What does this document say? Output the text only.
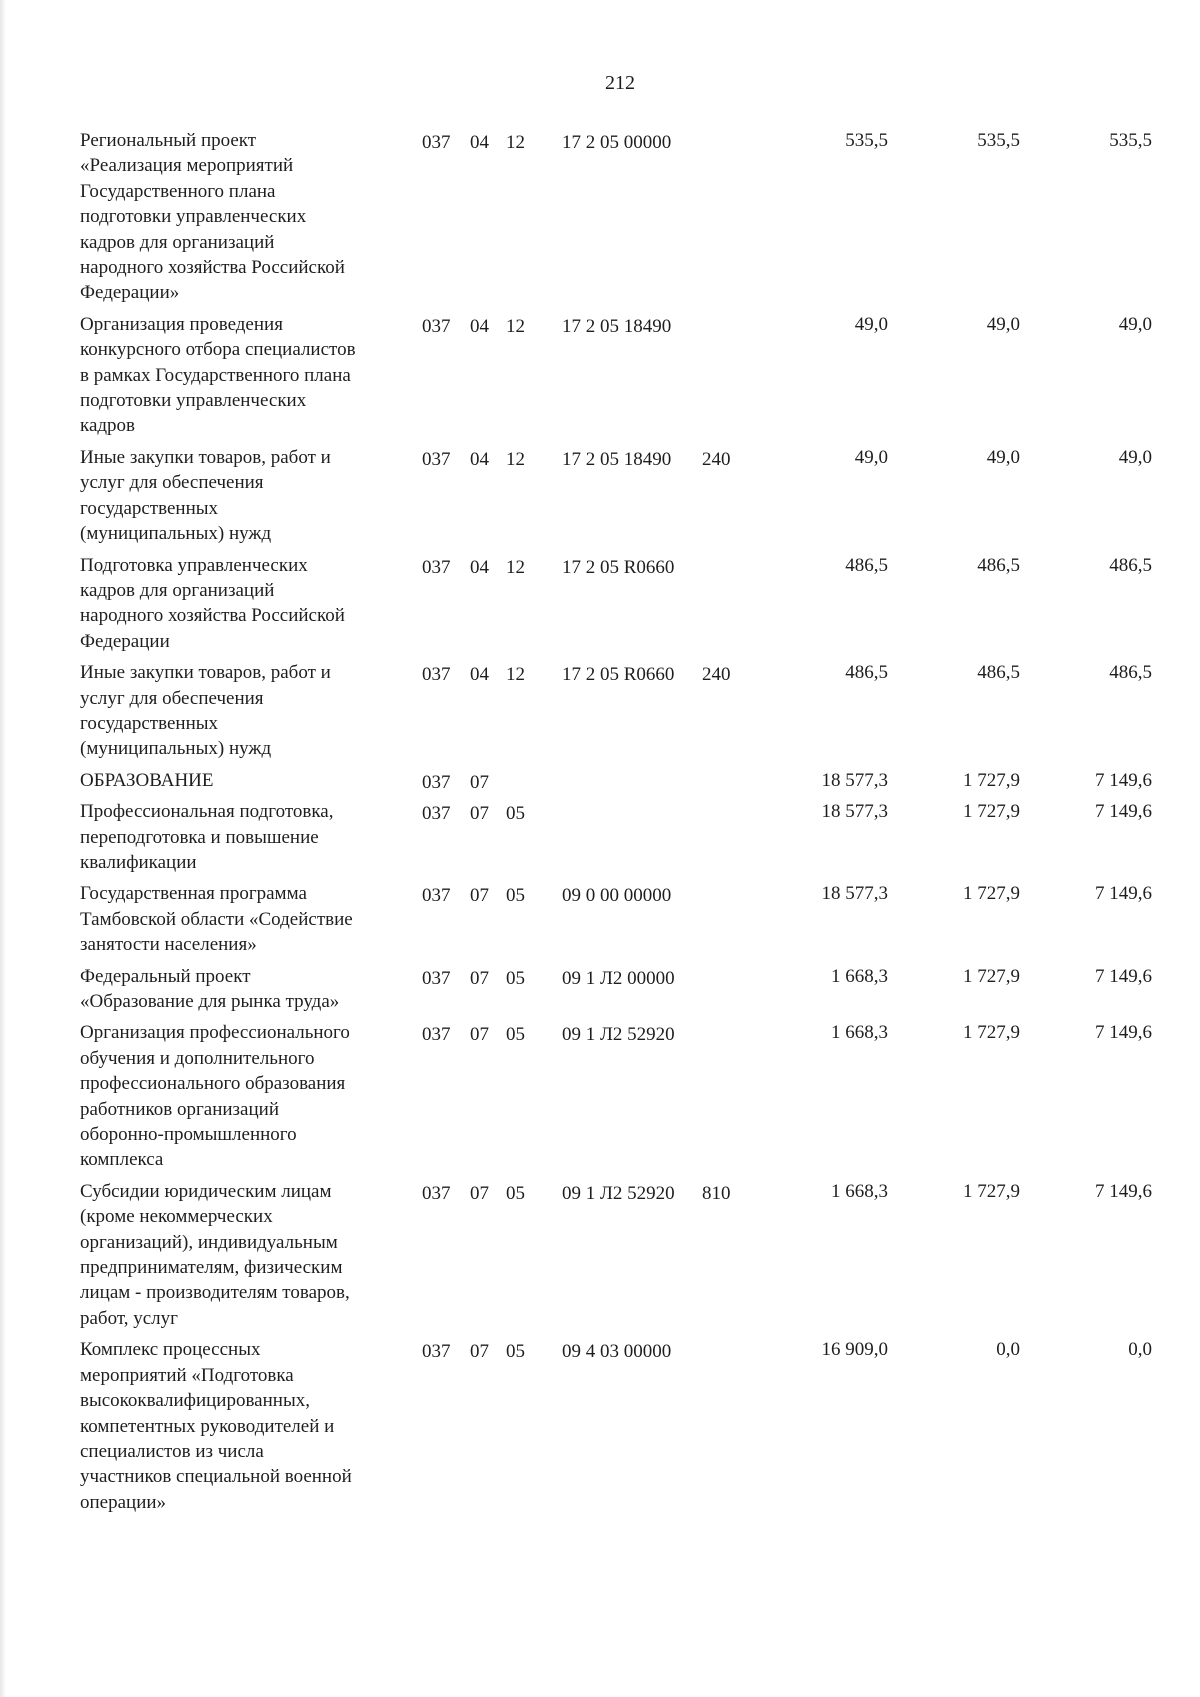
212
Региональный проект
«Реализация мероприятий
Государственного плана
подготовки управленческих
кадров для организаций
народного хозяйства Российской
Федерации»
037 04 12 17 2 05 00000	535,5	535,5	535,5
Организация проведения
конкурсного отбора специалистов
в рамках Государственного плана
подготовки управленческих
кадров
037 04 12 17 2 05 18490	49,0	49,0	49,0
Иные закупки товаров, работ и
услуг для обеспечения
государственных
(муниципальных) нужд
037 04 12 17 2 05 18490 240	49,0	49,0	49,0
Подготовка управленческих
кадров для организаций
народного хозяйства Российской
Федерации
037 04 12 17 2 05 R0660	486,5	486,5	486,5
Иные закупки товаров, работ и
услуг для обеспечения
государственных
(муниципальных) нужд
037 04 12 17 2 05 R0660 240	486,5	486,5	486,5
ОБРАЗОВАНИЕ	037 07	18 577,3	1 727,9	7 149,6
Профессиональная подготовка,
переподготовка и повышение
квалификации
037 07 05	18 577,3	1 727,9	7 149,6
Государственная программа
Тамбовской области «Содействие
занятости населения»
037 07 05 09 0 00 00000	18 577,3	1 727,9	7 149,6
Федеральный проект
«Образование для рынка труда»
037 07 05 09 1 Л2 00000	1 668,3	1 727,9	7 149,6
Организация профессионального
обучения и дополнительного
профессионального образования
работников организаций
оборонно-промышленного
комплекса
037 07 05 09 1 Л2 52920	1 668,3	1 727,9	7 149,6
Субсидии юридическим лицам
(кроме некоммерческих
организаций), индивидуальным
предпринимателям, физическим
лицам - производителям товаров,
работ, услуг
037 07 05 09 1 Л2 52920 810	1 668,3	1 727,9	7 149,6
Комплекс процессных
мероприятий «Подготовка
высококвалифицированных,
компетентных руководителей и
специалистов из числа
участников специальной военной
операции»
037 07 05 09 4 03 00000	16 909,0	0,0	0,0
